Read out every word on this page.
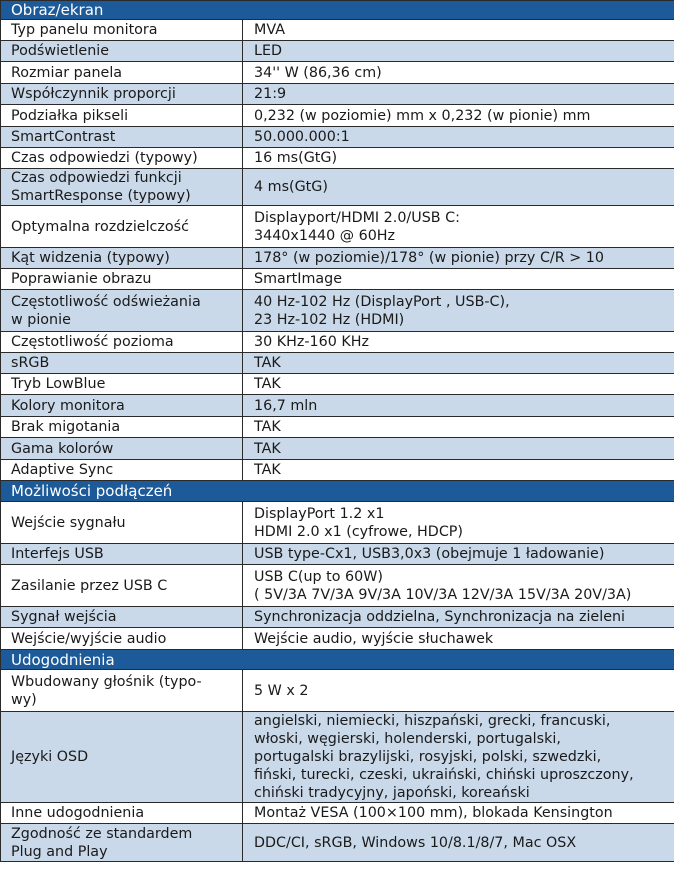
Obraz/ekran	
Typ panelu monitora	MVA
Podświetlenie	LED
Rozmiar panela	34'' W (86,36 cm)
Współczynnik proporcji	21:9
Podziałka pikseli	0,232 (w poziomie) mm x 0,232 (w pionie) mm
SmartContrast	50.000.000:1
Czas odpowiedzi (typowy)	16 ms(GtG)
Czas odpowiedzi funkcji
SmartResponse (typowy)	4 ms(GtG)
Optymalna rozdzielczość	Displayport/HDMI 2.0/USB C:
3440x1440 @ 60Hz
Kąt widzenia (typowy)	178° (w poziomie)/178° (w pionie) przy C/R > 10
Poprawianie obrazu	SmartImage
Częstotliwość odświeżania
w pionie	40 Hz-102 Hz (DisplayPort , USB-C),
23 Hz-102 Hz (HDMI)
Częstotliwość pozioma	30 KHz-160 KHz
sRGB	TAK
Tryb LowBlue	TAK
Kolory monitora	16,7 mln
Brak migotania	TAK
Gama kolorów	TAK
Adaptive Sync	TAK
Możliwości podłączeń	
Wejście sygnału	DisplayPort 1.2 x1
HDMI 2.0 x1 (cyfrowe, HDCP)
Interfejs USB	USB type-Cx1, USB3,0x3 (obejmuje 1 ładowanie)
Zasilanie przez USB C	USB C(up to 60W)
( 5V/3A 7V/3A 9V/3A 10V/3A 12V/3A 15V/3A 20V/3A)
Sygnał wejścia	Synchronizacja oddzielna, Synchronizacja na zieleni
Wejście/wyjście audio	Wejście audio, wyjście słuchawek
Udogodnienia	
Wbudowany głośnik (typo-
wy)	5 W x 2
Języki OSD	angielski, niemiecki, hiszpański, grecki, francuski,
włoski, węgierski, holenderski, portugalski,
portugalski brazylijski, rosyjski, polski, szwedzki,
fiński, turecki, czeski, ukraiński, chiński uproszczony,
chiński tradycyjny, japoński, koreański
Inne udogodnienia	Montaż VESA (100×100 mm), blokada Kensington
Zgodność ze standardem
Plug and Play	DDC/CI, sRGB, Windows 10/8.1/8/7, Mac OSX
